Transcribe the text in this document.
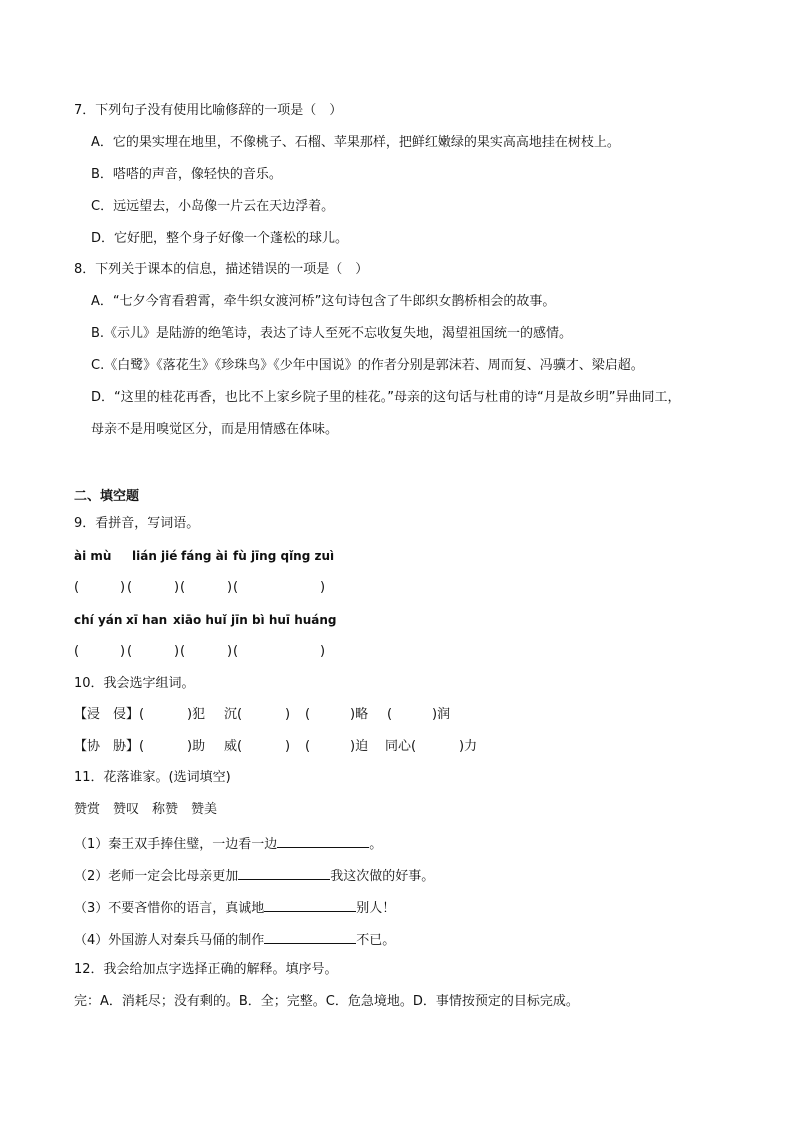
7．下列句子没有使用比喻修辞的一项是（　）
A．它的果实埋在地里，不像桃子、石榴、苹果那样，把鲜红嫩绿的果实高高地挂在树枝上。
B．嗒嗒的声音，像轻快的音乐。
C．远远望去，小岛像一片云在天边浮着。
D．它好肥，整个身子好像一个蓬松的球儿。
8．下列关于课本的信息，描述错误的一项是（　）
A．“七夕今宵看碧霄，牵牛织女渡河桥”这句诗包含了牛郎织女鹊桥相会的故事。
B.《示儿》是陆游的绝笔诗，表达了诗人至死不忘收复失地，渴望祖国统一的感情。
C.《白鹭》《落花生》《珍珠鸟》《少年中国说》的作者分别是郭沫若、周而复、冯骥才、梁启超。
D．“这里的桂花再香，也比不上家乡院子里的桂花。”母亲的这句话与杜甫的诗“月是故乡明”异曲同工，
母亲不是用嗅觉区分，而是用情感在体味。
二、填空题
9．看拼音，写词语。
ài mù lián jié fáng ài fù jīng qǐng zuì
(	) (	) (	) (	)
chí yán xī han xiāo huǐ jīn bì huī huáng
(	) (	) (	) (	)
10．我会选字组词。
【浸　侵】(	)犯 沉(	) (	)略 (	)润
【协　胁】(	)助 威(	) (	)迫 同心(	)力
11．花落谁家。(选词填空)
赞赏　赞叹　称赞　赞美
（1）秦王双手捧住璧，一边看一边	。
（2）老师一定会比母亲更加	我这次做的好事。
（3）不要吝惜你的语言，真诚地	别人！
（4）外国游人对秦兵马俑的制作	不已。
12．我会给加点字选择正确的解释。填序号。
完：A．消耗尽；没有剩的。B．全；完整。C．危急境地。D．事情按预定的目标完成。
